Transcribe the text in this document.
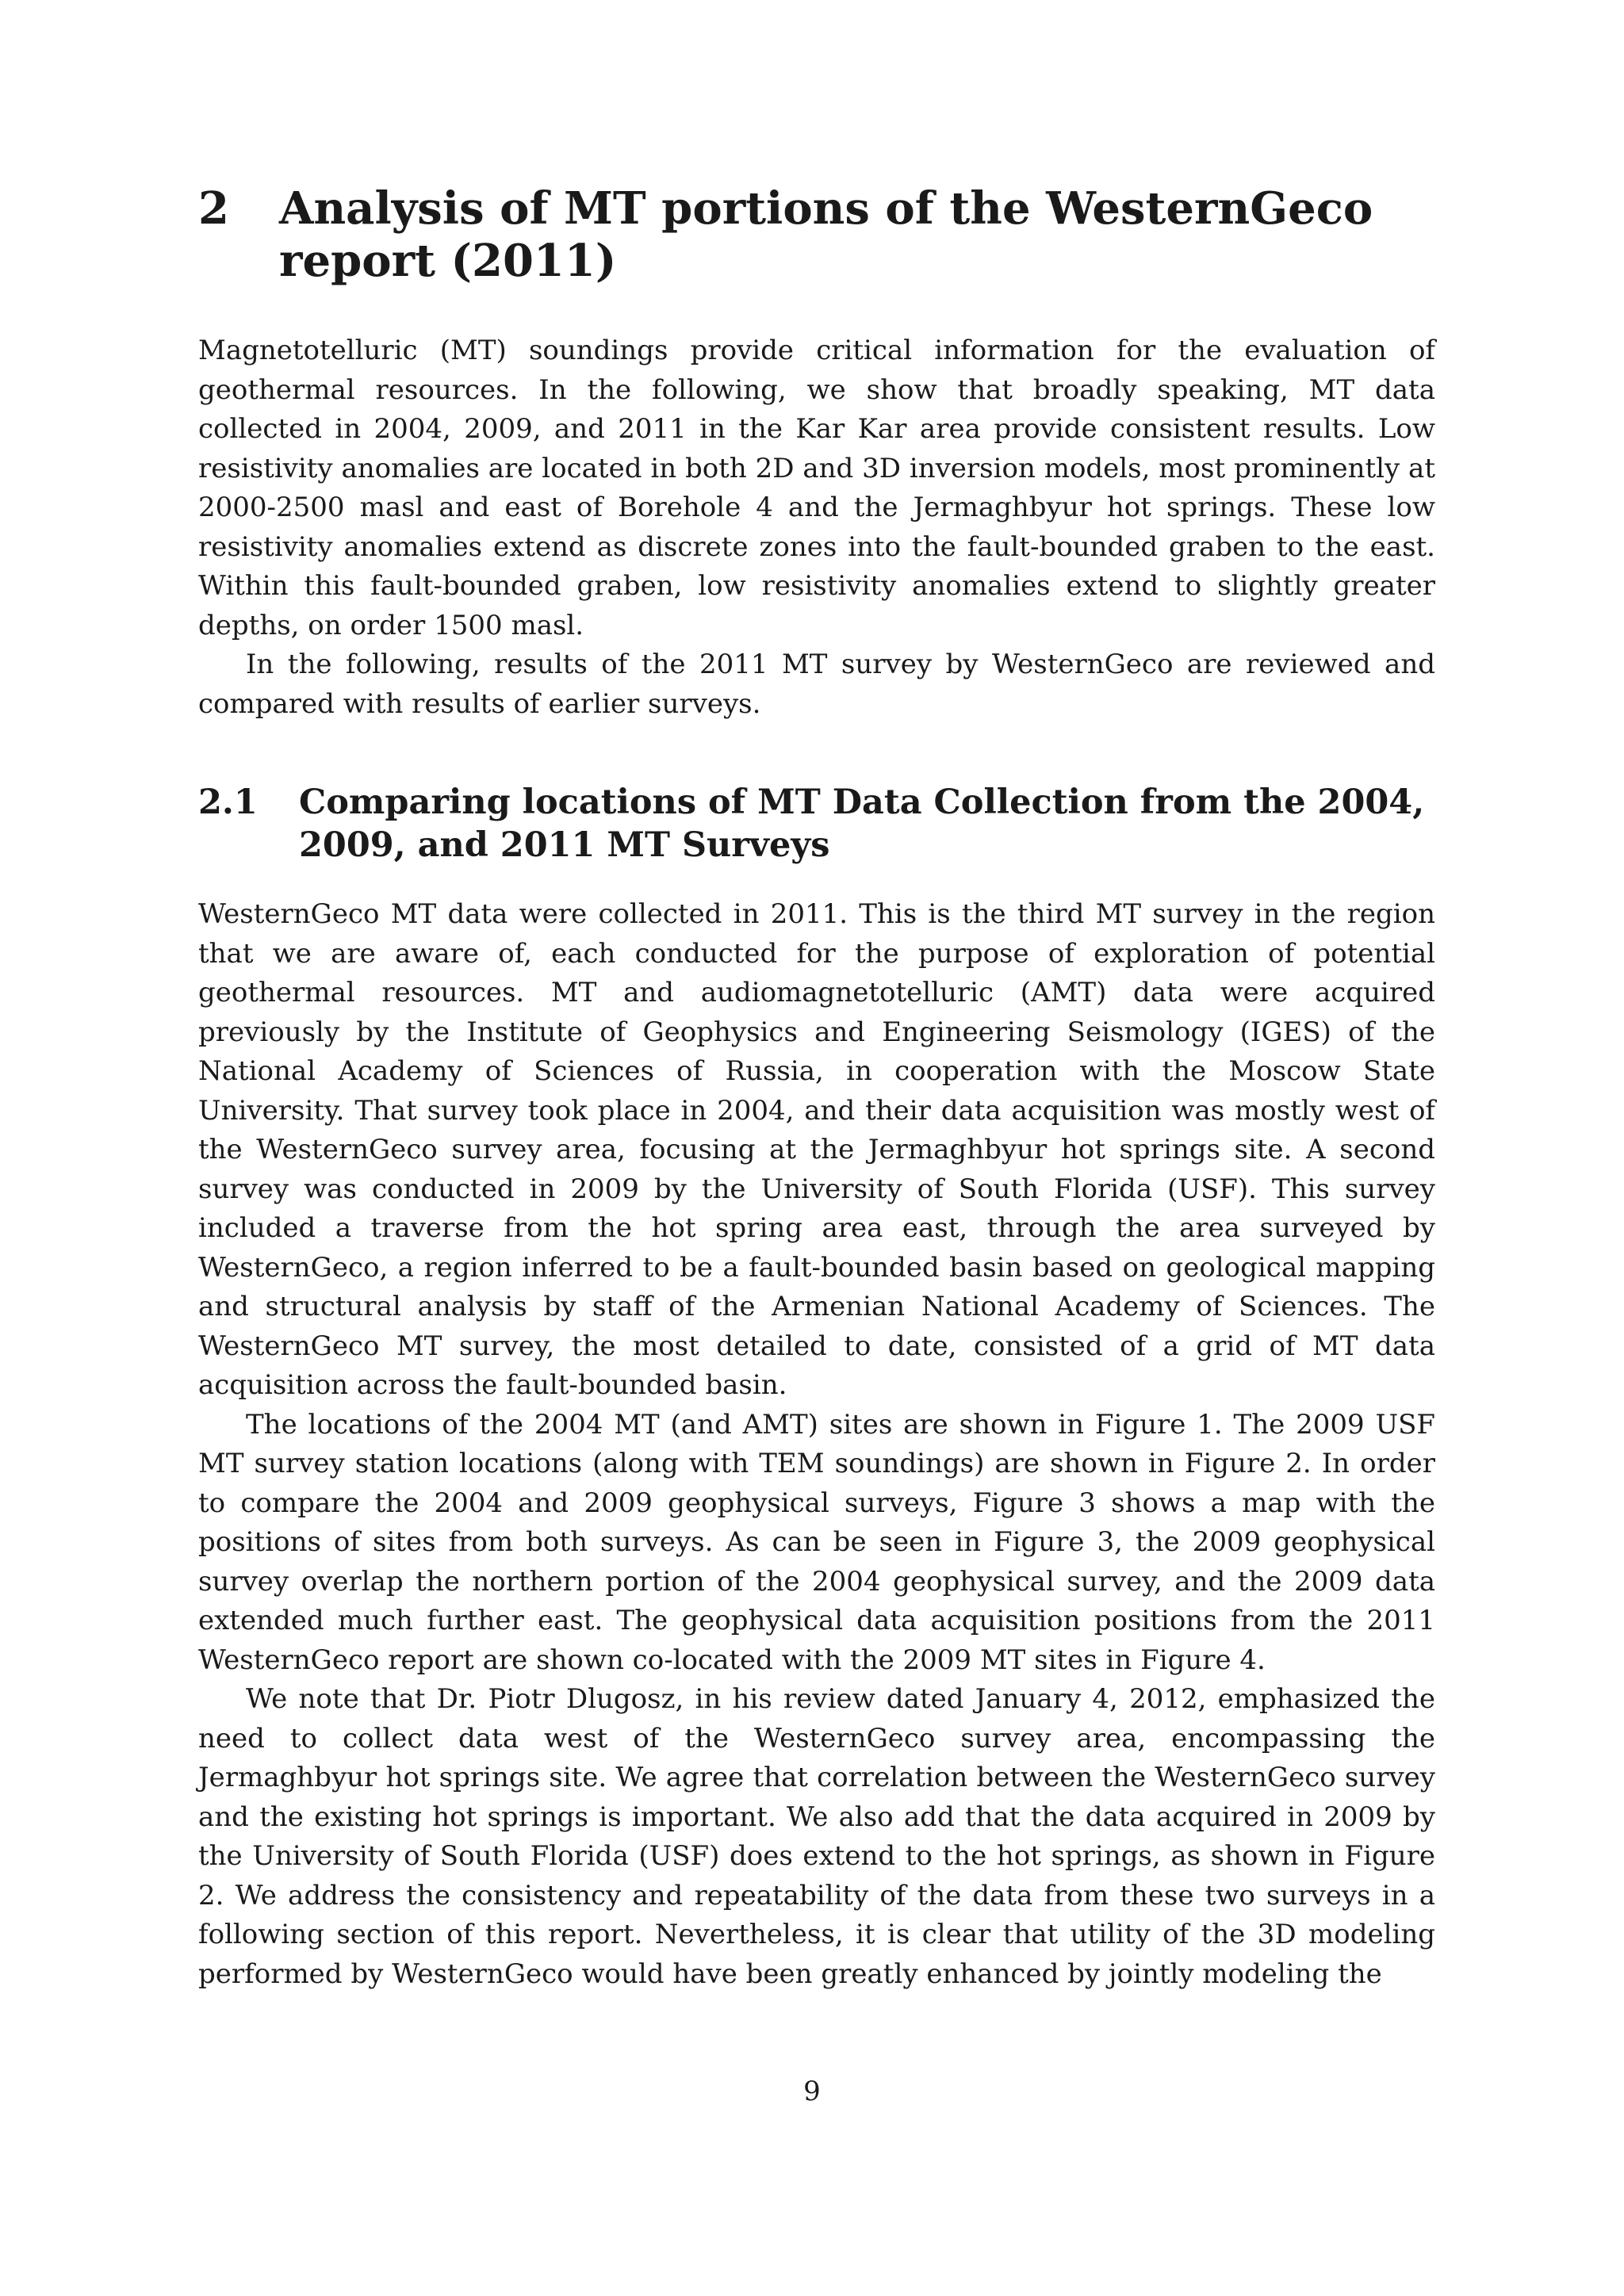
2	Analysis of MT portions of the WesternGeco report (2011)

Magnetotelluric (MT) soundings provide critical information for the evaluation of geothermal resources. In the following, we show that broadly speaking, MT data collected in 2004, 2009, and 2011 in the Kar Kar area provide consistent results. Low resistivity anomalies are located in both 2D and 3D inversion models, most prominently at 2000-2500 masl and east of Borehole 4 and the Jermaghbyur hot springs. These low resistivity anomalies extend as discrete zones into the fault-bounded graben to the east. Within this fault-bounded graben, low resistivity anomalies extend to slightly greater depths, on order 1500 masl.

In the following, results of the 2011 MT survey by WesternGeco are reviewed and compared with results of earlier surveys.

2.1	Comparing locations of MT Data Collection from the 2004, 2009, and 2011 MT Surveys

WesternGeco MT data were collected in 2011. This is the third MT survey in the region that we are aware of, each conducted for the purpose of exploration of potential geothermal resources. MT and audiomagnetotelluric (AMT) data were acquired previously by the Institute of Geophysics and Engineering Seismology (IGES) of the National Academy of Sciences of Russia, in cooperation with the Moscow State University. That survey took place in 2004, and their data acquisition was mostly west of the WesternGeco survey area, focusing at the Jermaghbyur hot springs site. A second survey was conducted in 2009 by the University of South Florida (USF). This survey included a traverse from the hot spring area east, through the area surveyed by WesternGeco, a region inferred to be a fault-bounded basin based on geological mapping and structural analysis by staff of the Armenian National Academy of Sciences. The WesternGeco MT survey, the most detailed to date, consisted of a grid of MT data acquisition across the fault-bounded basin.

The locations of the 2004 MT (and AMT) sites are shown in Figure 1. The 2009 USF MT survey station locations (along with TEM soundings) are shown in Figure 2. In order to compare the 2004 and 2009 geophysical surveys, Figure 3 shows a map with the positions of sites from both surveys. As can be seen in Figure 3, the 2009 geophysical survey overlap the northern portion of the 2004 geophysical survey, and the 2009 data extended much further east. The geophysical data acquisition positions from the 2011 WesternGeco report are shown co-located with the 2009 MT sites in Figure 4.

We note that Dr. Piotr Dlugosz, in his review dated January 4, 2012, emphasized the need to collect data west of the WesternGeco survey area, encompassing the Jermaghbyur hot springs site. We agree that correlation between the WesternGeco survey and the existing hot springs is important. We also add that the data acquired in 2009 by the University of South Florida (USF) does extend to the hot springs, as shown in Figure 2. We address the consistency and repeatability of the data from these two surveys in a following section of this report. Nevertheless, it is clear that utility of the 3D modeling performed by WesternGeco would have been greatly enhanced by jointly modeling the

9
